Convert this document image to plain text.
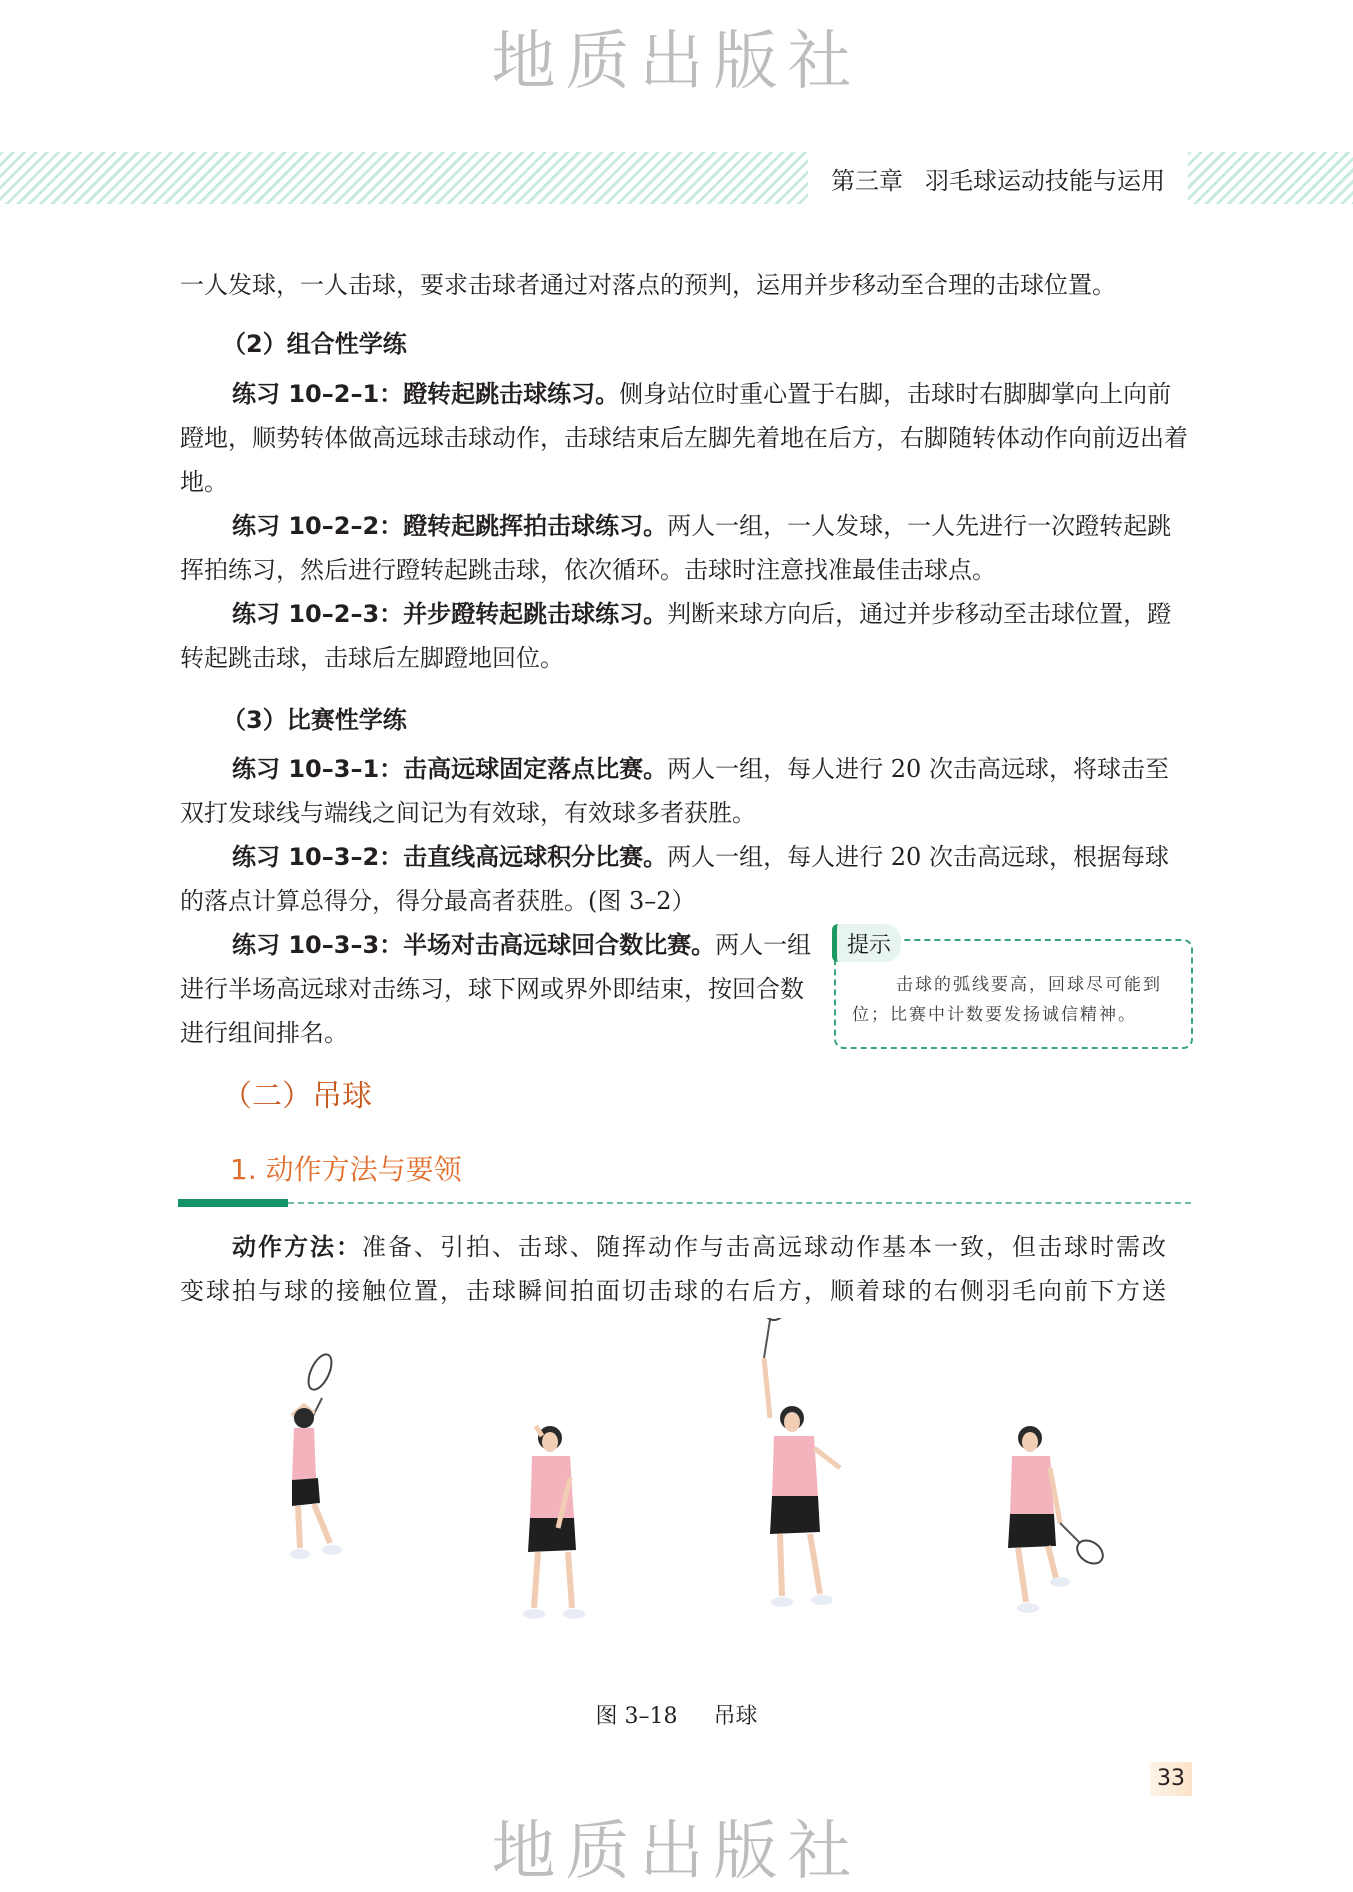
地质出版社
地质出版社
第三章 羽毛球运动技能与运用
一人发球，一人击球，要求击球者通过对落点的预判，运用并步移动至合理的击球位置。
（2）组合性学练
练习 10–2–1：蹬转起跳击球练习。侧身站位时重心置于右脚，击球时右脚脚掌向上向前蹬地，顺势转体做高远球击球动作，击球结束后左脚先着地在后方，右脚随转体动作向前迈出着地。
练习 10–2–2：蹬转起跳挥拍击球练习。两人一组，一人发球，一人先进行一次蹬转起跳挥拍练习，然后进行蹬转起跳击球，依次循环。击球时注意找准最佳击球点。
练习 10–2–3：并步蹬转起跳击球练习。判断来球方向后，通过并步移动至击球位置，蹬转起跳击球，击球后左脚蹬地回位。
（3）比赛性学练
练习 10–3–1：击高远球固定落点比赛。两人一组，每人进行 20 次击高远球，将球击至双打发球线与端线之间记为有效球，有效球多者获胜。
练习 10–3–2：击直线高远球积分比赛。两人一组，每人进行 20 次击高远球，根据每球的落点计算总得分，得分最高者获胜。(图 3–2）
练习 10–3–3：半场对击高远球回合数比赛。两人一组进行半场高远球对击练习，球下网或界外即结束，按回合数进行组间排名。
提示
击球的弧线要高，回球尽可能到位；比赛中计数要发扬诚信精神。
（二）吊球
1. 动作方法与要领
动作方法：准备、引拍、击球、随挥动作与击高远球动作基本一致，但击球时需改变球拍与球的接触位置，击球瞬间拍面切击球的右后方，顺着球的右侧羽毛向前下方送
图 3–18 吊球
33
